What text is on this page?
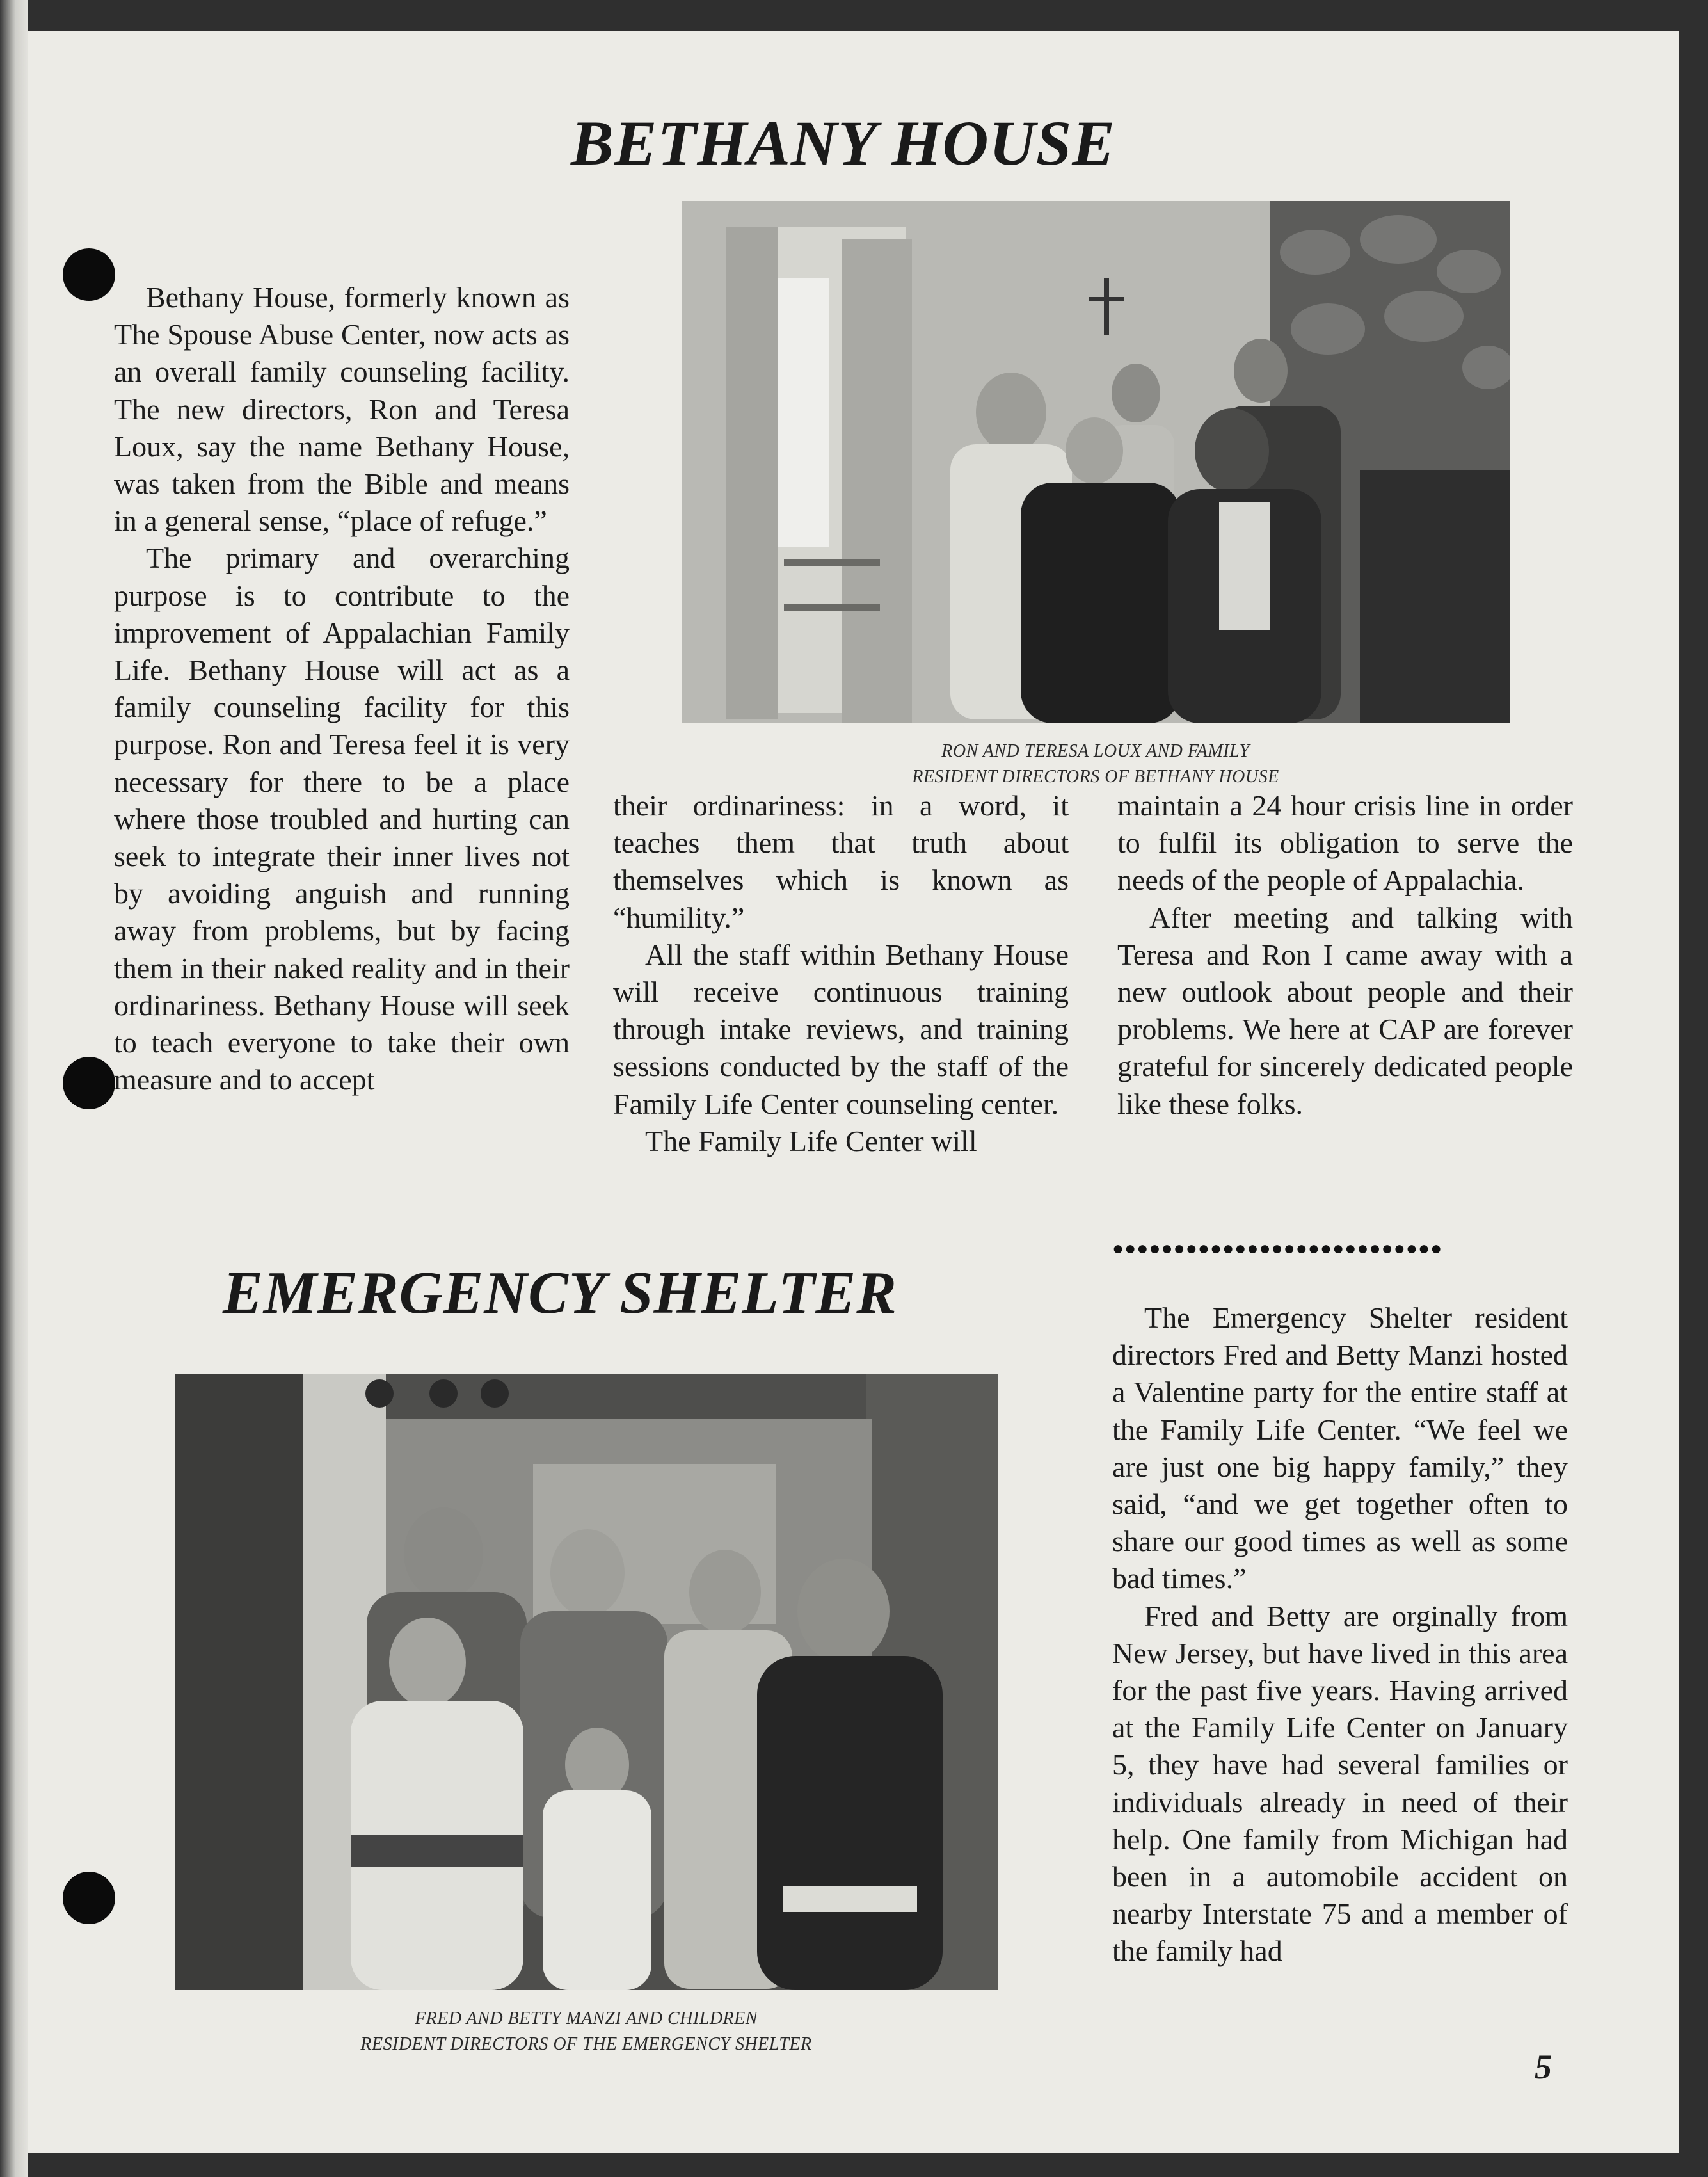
BETHANY HOUSE
RON AND TERESA LOUX AND FAMILY
RESIDENT DIRECTORS OF BETHANY HOUSE

Bethany House, formerly known as The Spouse Abuse Center, now acts as an overall family counseling facility. The new directors, Ron and Teresa Loux, say the name Bethany House, was taken from the Bible and means in a general sense, “place of refuge.”

The primary and overarching purpose is to contribute to the improvement of Appalachian Family Life. Bethany House will act as a family counseling facility for this purpose. Ron and Teresa feel it is very necessary for there to be a place where those troubled and hurting can seek to integrate their inner lives not by avoiding anguish and running away from problems, but by facing them in their naked reality and in their ordinariness. Bethany House will seek to teach everyone to take their own measure and to accept

their ordinariness: in a word, it teaches them that truth about themselves which is known as “humility.”

All the staff within Bethany House will receive continuous training through intake reviews, and training sessions conducted by the staff of the Family Life Center counseling center.

The Family Life Center will

maintain a 24 hour crisis line in order to fulfil its obligation to serve the needs of the people of Appalachia.

After meeting and talking with Teresa and Ron I came away with a new outlook about people and their problems. We here at CAP are forever grateful for sincerely dedicated people like these folks.

●●●●●●●●●●●●●●●●●●●●●●●●●●●
EMERGENCY SHELTER
FRED AND BETTY MANZI AND CHILDREN
RESIDENT DIRECTORS OF THE EMERGENCY SHELTER

The Emergency Shelter resident directors Fred and Betty Manzi hosted a Valentine party for the entire staff at the Family Life Center. “We feel we are just one big happy family,” they said, “and we get together often to share our good times as well as some bad times.”

Fred and Betty are orginally from New Jersey, but have lived in this area for the past five years. Having arrived at the Family Life Center on January 5, they have had several families or individuals already in need of their help. One family from Michigan had been in a automobile accident on nearby Interstate 75 and a member of the family had

5
